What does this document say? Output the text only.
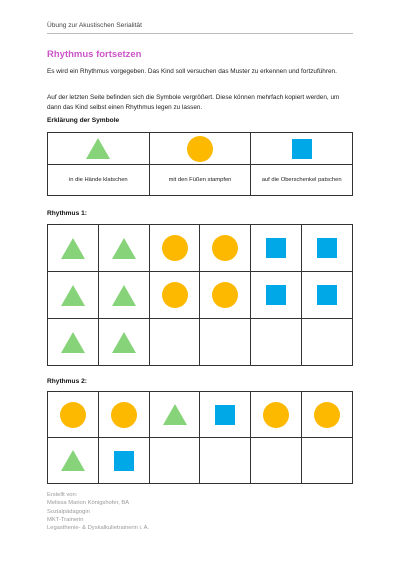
Übung zur Akustischen Serialität
Rhythmus fortsetzen
Es wird ein Rhythmus vorgegeben. Das Kind soll versuchen das Muster zu erkennen und fortzuführen.
Auf der letzten Seite befinden sich die Symbole vergrößert. Diese können mehrfach kopiert werden, um dann das Kind selbst einen Rhythmus legen zu lassen.
Erklärung der Symbole

in die Hände klatschen	mit den Füßen stampfen	auf die Oberschenkel patschen
Rhythmus 1:

Rhythmus 2:

Erstellt von:
Melissa Marion Königshofer, BA
Sozialpädagogin
MKT-Trainerin
Legasthenie- & Dyskalkulietrainerin i. A.
